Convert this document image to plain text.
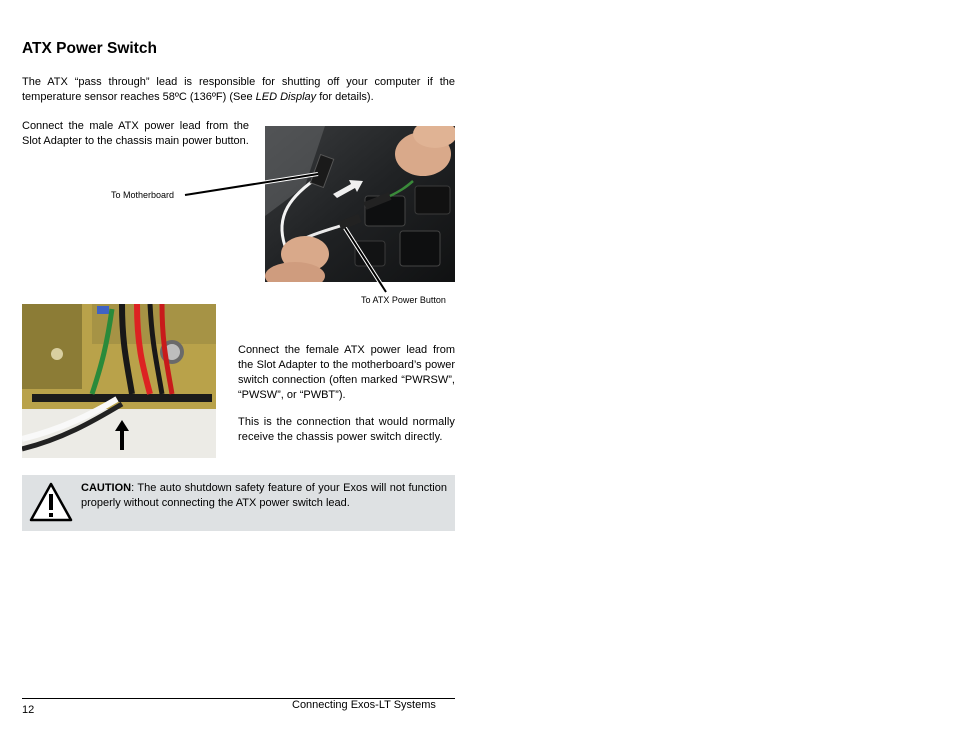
ATX Power Switch
The ATX “pass through” lead is responsible for shutting off your computer if the temperature sensor reaches 58ºC (136ºF) (See LED Display for details).
Connect the male ATX power lead from the Slot Adapter to the chassis main power button.
To Motherboard
To ATX Power Button
Connect the female ATX power lead from the Slot Adapter to the motherboard’s power switch connection (often marked “PWRSW”, “PWSW”, or “PWBT”).
This is the connection that would normally receive the chassis power switch directly.
CAUTION: The auto shutdown safety feature of your Exos will not function properly without connecting the ATX power switch lead.
12	Connecting Exos-LT Systems
